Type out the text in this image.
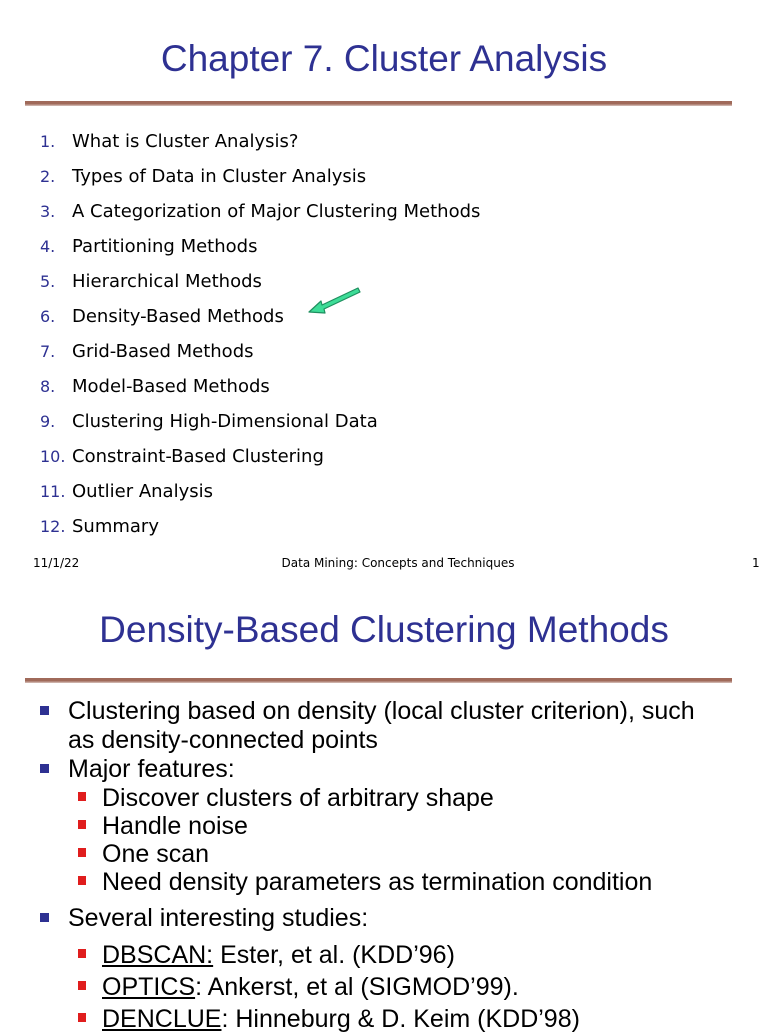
Chapter 7. Cluster Analysis
1. What is Cluster Analysis?
2. Types of Data in Cluster Analysis
3. A Categorization of Major Clustering Methods
4. Partitioning Methods
5. Hierarchical Methods
6. Density-Based Methods
7. Grid-Based Methods
8. Model-Based Methods
9. Clustering High-Dimensional Data
10. Constraint-Based Clustering
11. Outlier Analysis
12. Summary
11/1/22	Data Mining: Concepts and Techniques	1
Density-Based Clustering Methods
Clustering based on density (local cluster criterion), such
as density-connected points
Major features:
Discover clusters of arbitrary shape
Handle noise
One scan
Need density parameters as termination condition
Several interesting studies:
DBSCAN: Ester, et al. (KDD’96)
OPTICS: Ankerst, et al (SIGMOD’99).
DENCLUE: Hinneburg & D. Keim (KDD’98)
